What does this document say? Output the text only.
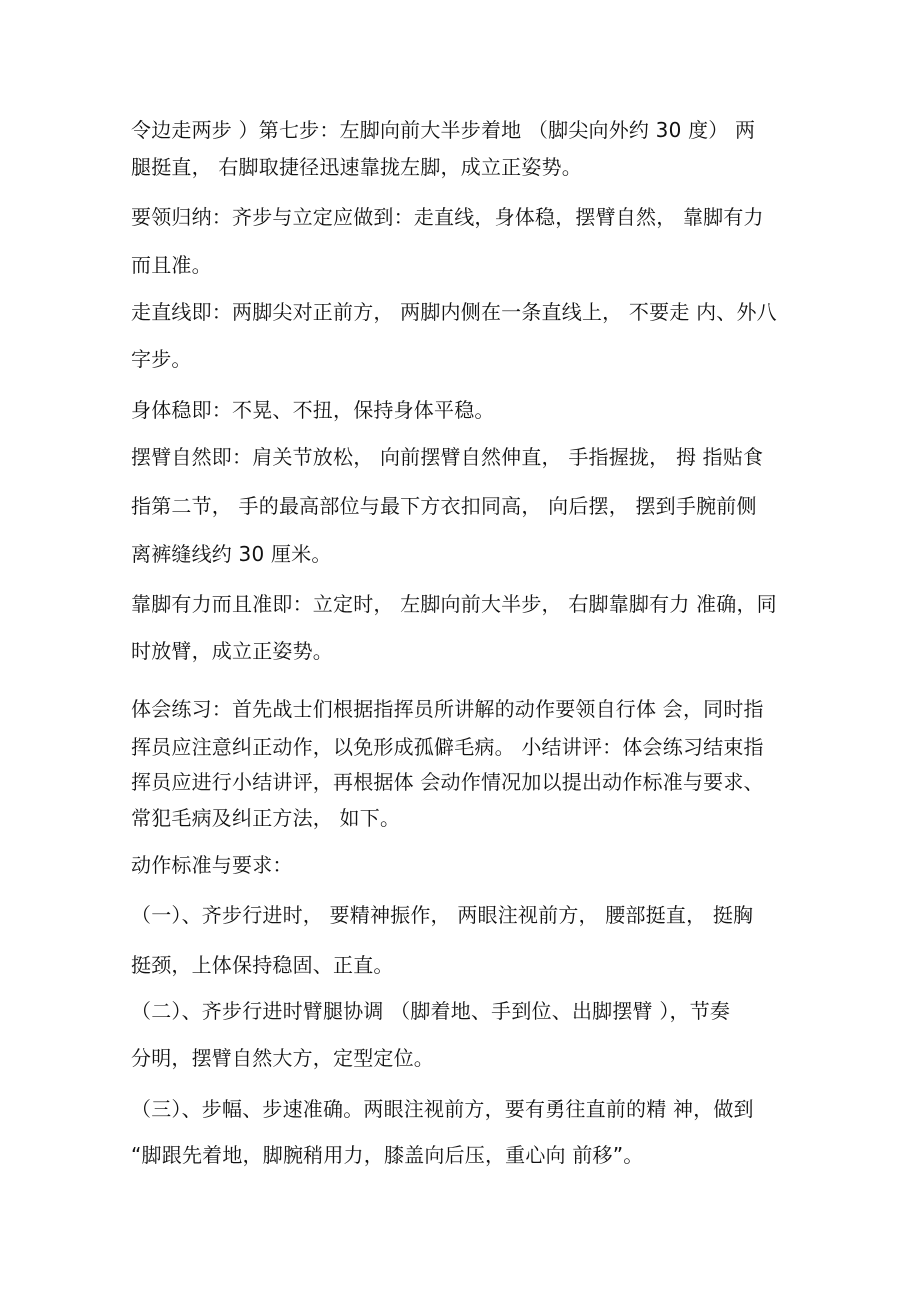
令边走两步 ）第七步：左脚向前大半步着地 （脚尖向外约 30 度） 两

腿挺直， 右脚取捷径迅速靠拢左脚，成立正姿势。

要领归纳：齐步与立定应做到：走直线，身体稳，摆臂自然， 靠脚有力

而且准。

走直线即：两脚尖对正前方， 两脚内侧在一条直线上， 不要走 内、外八

字步。

身体稳即：不晃、不扭，保持身体平稳。

摆臂自然即：肩关节放松， 向前摆臂自然伸直， 手指握拢， 拇 指贴食

指第二节， 手的最高部位与最下方衣扣同高， 向后摆， 摆到手腕前侧

离裤缝线约 30 厘米。

靠脚有力而且准即：立定时， 左脚向前大半步， 右脚靠脚有力 准确，同

时放臂，成立正姿势。

体会练习：首先战士们根据指挥员所讲解的动作要领自行体 会，同时指

挥员应注意纠正动作，以免形成孤僻毛病。 小结讲评：体会练习结束指

挥员应进行小结讲评，再根据体 会动作情况加以提出动作标准与要求、

常犯毛病及纠正方法， 如下。

动作标准与要求：

（一）、齐步行进时， 要精神振作， 两眼注视前方， 腰部挺直， 挺胸

挺颈，上体保持稳固、正直。

（二）、齐步行进时臂腿协调 （脚着地、手到位、出脚摆臂 ），节奏

分明，摆臂自然大方，定型定位。

（三）、步幅、步速准确。两眼注视前方，要有勇往直前的精 神，做到

“脚跟先着地，脚腕稍用力，膝盖向后压，重心向 前移”。
